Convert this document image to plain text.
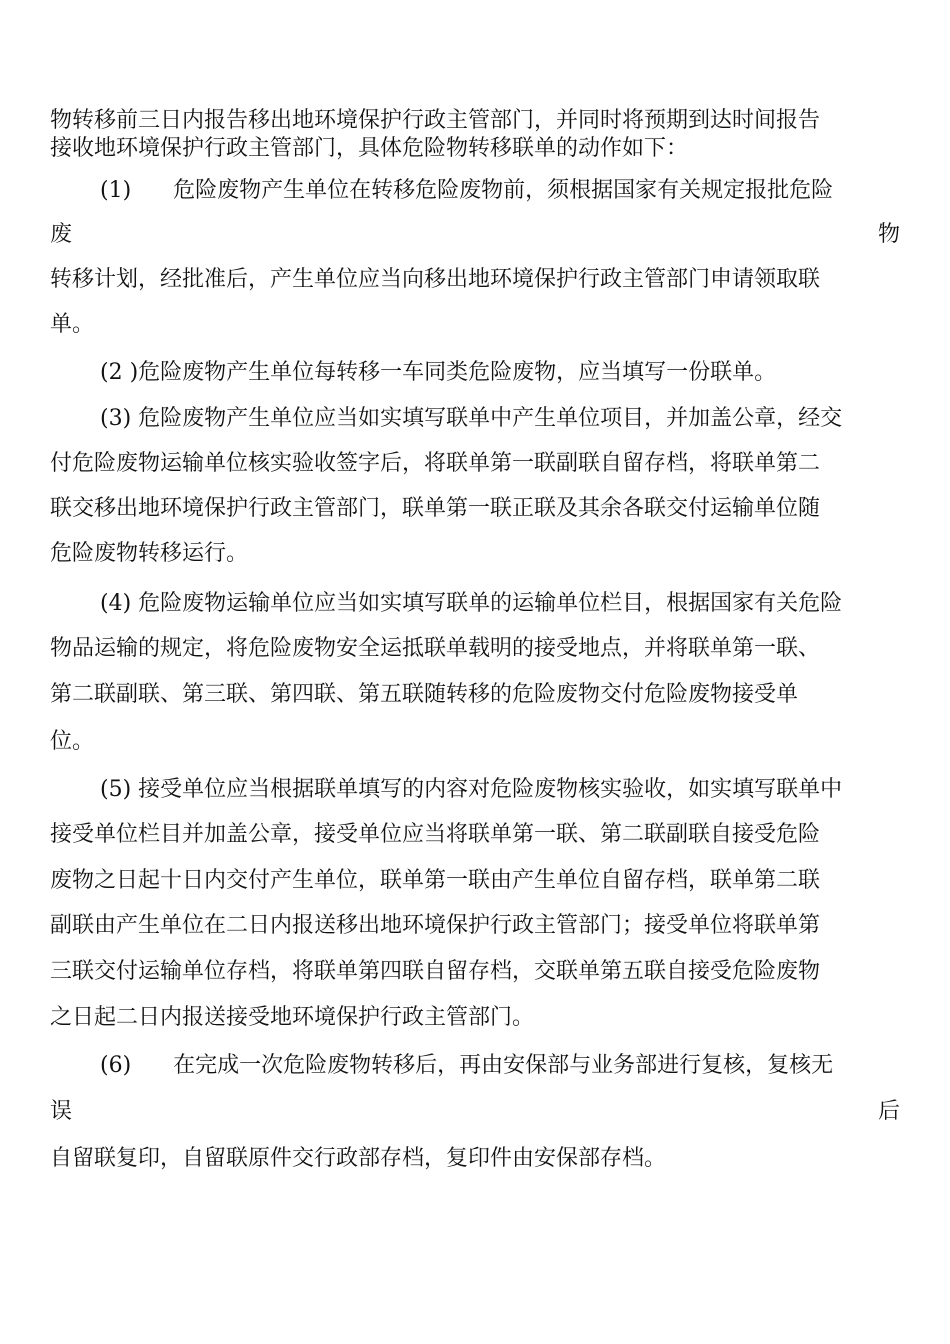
物转移前三日内报告移出地环境保护行政主管部门，并同时将预期到达时间报告
接收地环境保护行政主管部门，具体危险物转移联单的动作如下：
(1) 危险废物产生单位在转移危险废物前，须根据国家有关规定报批危险
废	物
转移计划，经批准后，产生单位应当向移出地环境保护行政主管部门申请领取联
单。
(2 )危险废物产生单位每转移一车同类危险废物，应当填写一份联单。
(3) 危险废物产生单位应当如实填写联单中产生单位项目，并加盖公章，经交
付危险废物运输单位核实验收签字后，将联单第一联副联自留存档，将联单第二
联交移出地环境保护行政主管部门，联单第一联正联及其余各联交付运输单位随
危险废物转移运行。
(4) 危险废物运输单位应当如实填写联单的运输单位栏目，根据国家有关危险
物品运输的规定，将危险废物安全运抵联单载明的接受地点，并将联单第一联、
第二联副联、第三联、第四联、第五联随转移的危险废物交付危险废物接受单
位。
(5) 接受单位应当根据联单填写的内容对危险废物核实验收，如实填写联单中
接受单位栏目并加盖公章，接受单位应当将联单第一联、第二联副联自接受危险
废物之日起十日内交付产生单位，联单第一联由产生单位自留存档，联单第二联
副联由产生单位在二日内报送移出地环境保护行政主管部门；接受单位将联单第
三联交付运输单位存档，将联单第四联自留存档，交联单第五联自接受危险废物
之日起二日内报送接受地环境保护行政主管部门。
(6) 在完成一次危险废物转移后，再由安保部与业务部进行复核，复核无
误	后
自留联复印，自留联原件交行政部存档，复印件由安保部存档。
